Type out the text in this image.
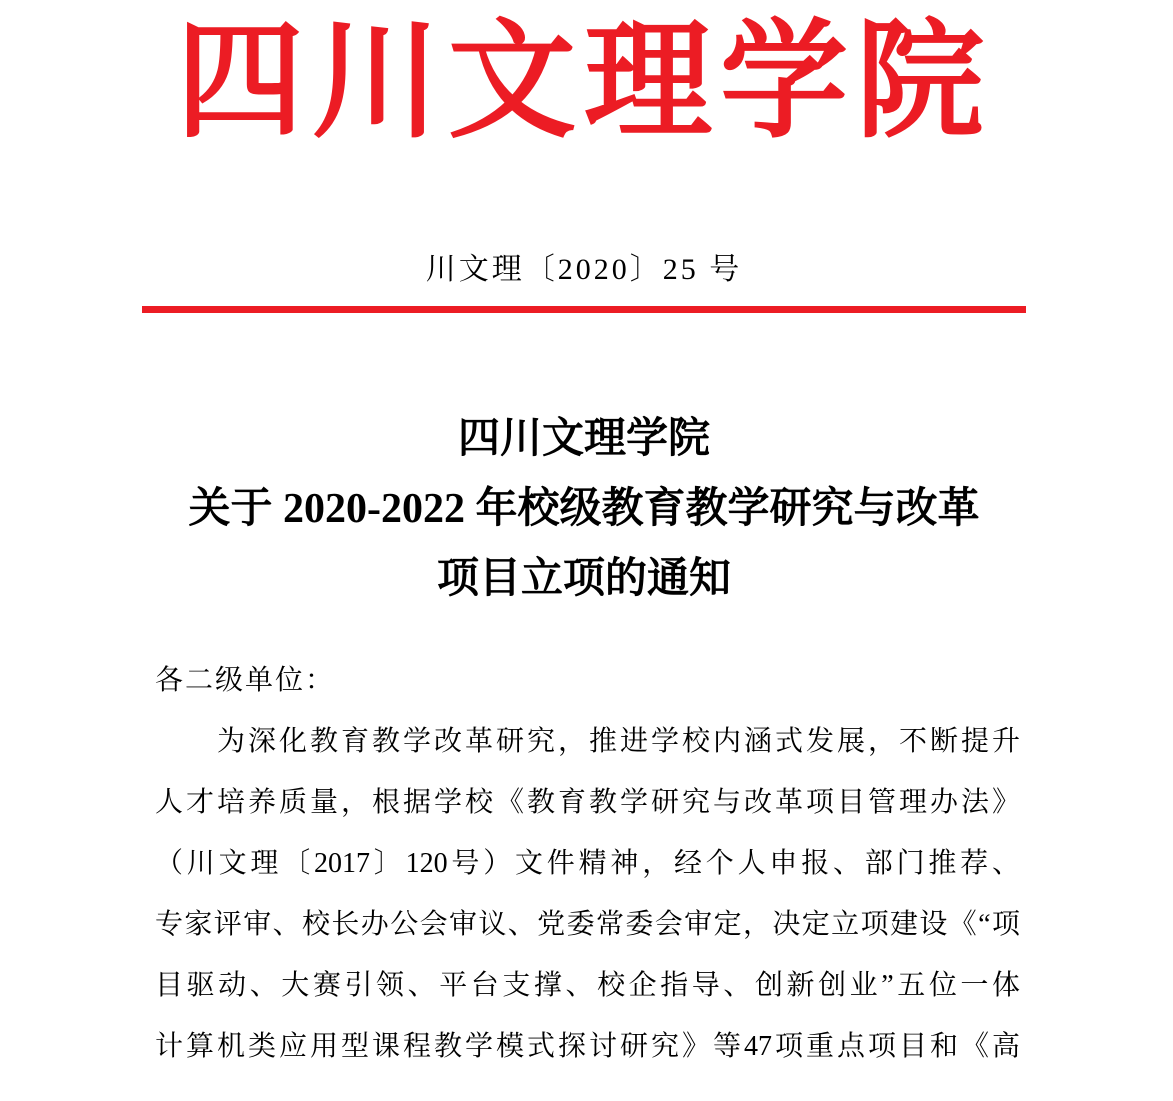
四川文理学院
川文理〔2020〕25 号
四川文理学院
关于 2020-2022 年校级教育教学研究与改革
项目立项的通知
各二级单位：
为深化教育教学改革研究，推进学校内涵式发展，不断提升
人才培养质量，根据学校《教育教学研究与改革项目管理办法》
（川文理〔2017〕120号）文件精神，经个人申报、部门推荐、
专家评审、校长办公会审议、党委常委会审定，决定立项建设《“项
目驱动、大赛引领、平台支撑、校企指导、创新创业”五位一体
计算机类应用型课程教学模式探讨研究》等47项重点项目和《高
